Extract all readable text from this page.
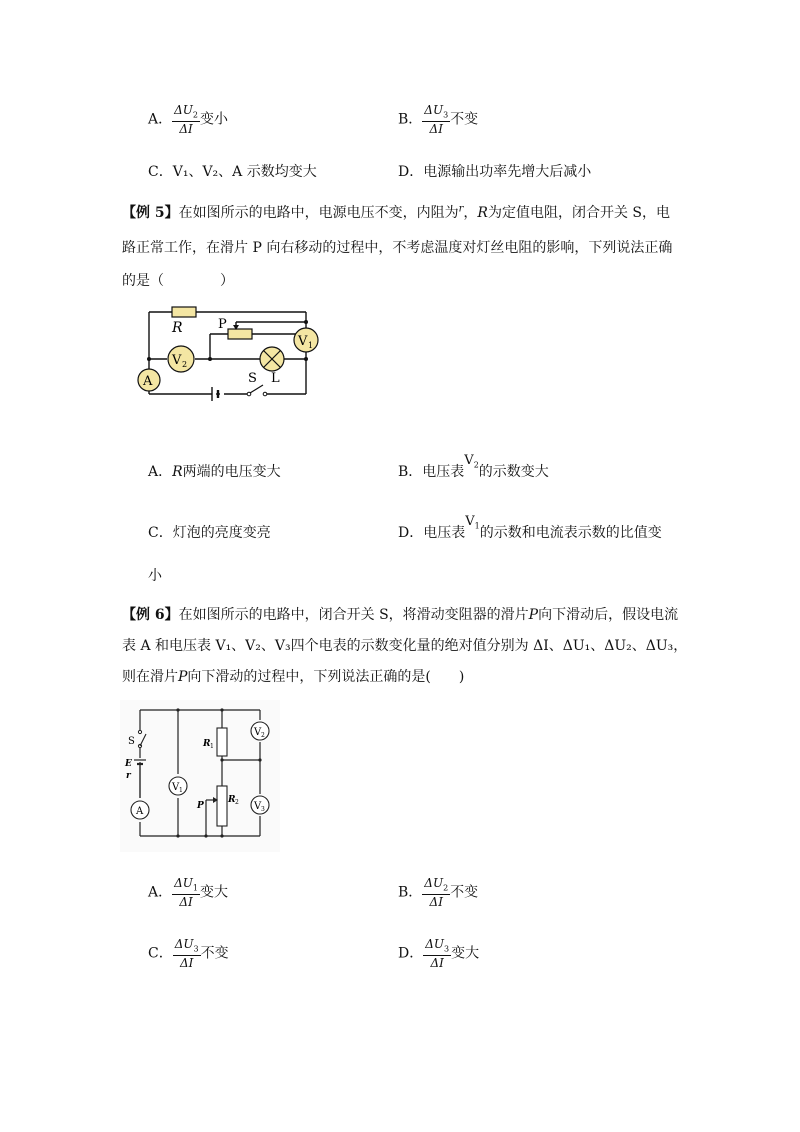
A． $\frac{\Delta U_2}{\Delta I}$ 变小	B． $\frac{\Delta U_3}{\Delta I}$ 不变
C．V₁、V₂、A 示数均变大	D．电源输出功率先增大后减小
【例 5】在如图所示的电路中，电源电压不变，内阻为$^r$，R为定值电阻，闭合开关 S，电
路正常工作，在滑片 P 向右移动的过程中，不考虑温度对灯丝电阻的影响，下列说法正确
的是（　　　　）
R	P
V 1
V 2
A	S L
A．R两端的电压变大	B．电压表$V_2$的示数变大
C．灯泡的亮度变亮	D．电压表$V_1$的示数和电流表示数的比值变
小
【例 6】在如图所示的电路中，闭合开关 S，将滑动变阻器的滑片P向下滑动后，假设电流
表 A 和电压表 V₁、V₂、V₃四个电表的示数变化量的绝对值分别为 ΔI、ΔU₁、ΔU₂、ΔU₃，
则在滑片P向下滑动的过程中，下列说法正确的是(　　)
S
E
r
A
V 1
R 1
R 2
P
V 2
V 3
A． $\frac{\Delta U_1}{\Delta I}$ 变大	B． $\frac{\Delta U_2}{\Delta I}$ 不变
C． $\frac{\Delta U_3}{\Delta I}$ 不变	D． $\frac{\Delta U_3}{\Delta I}$ 变大
